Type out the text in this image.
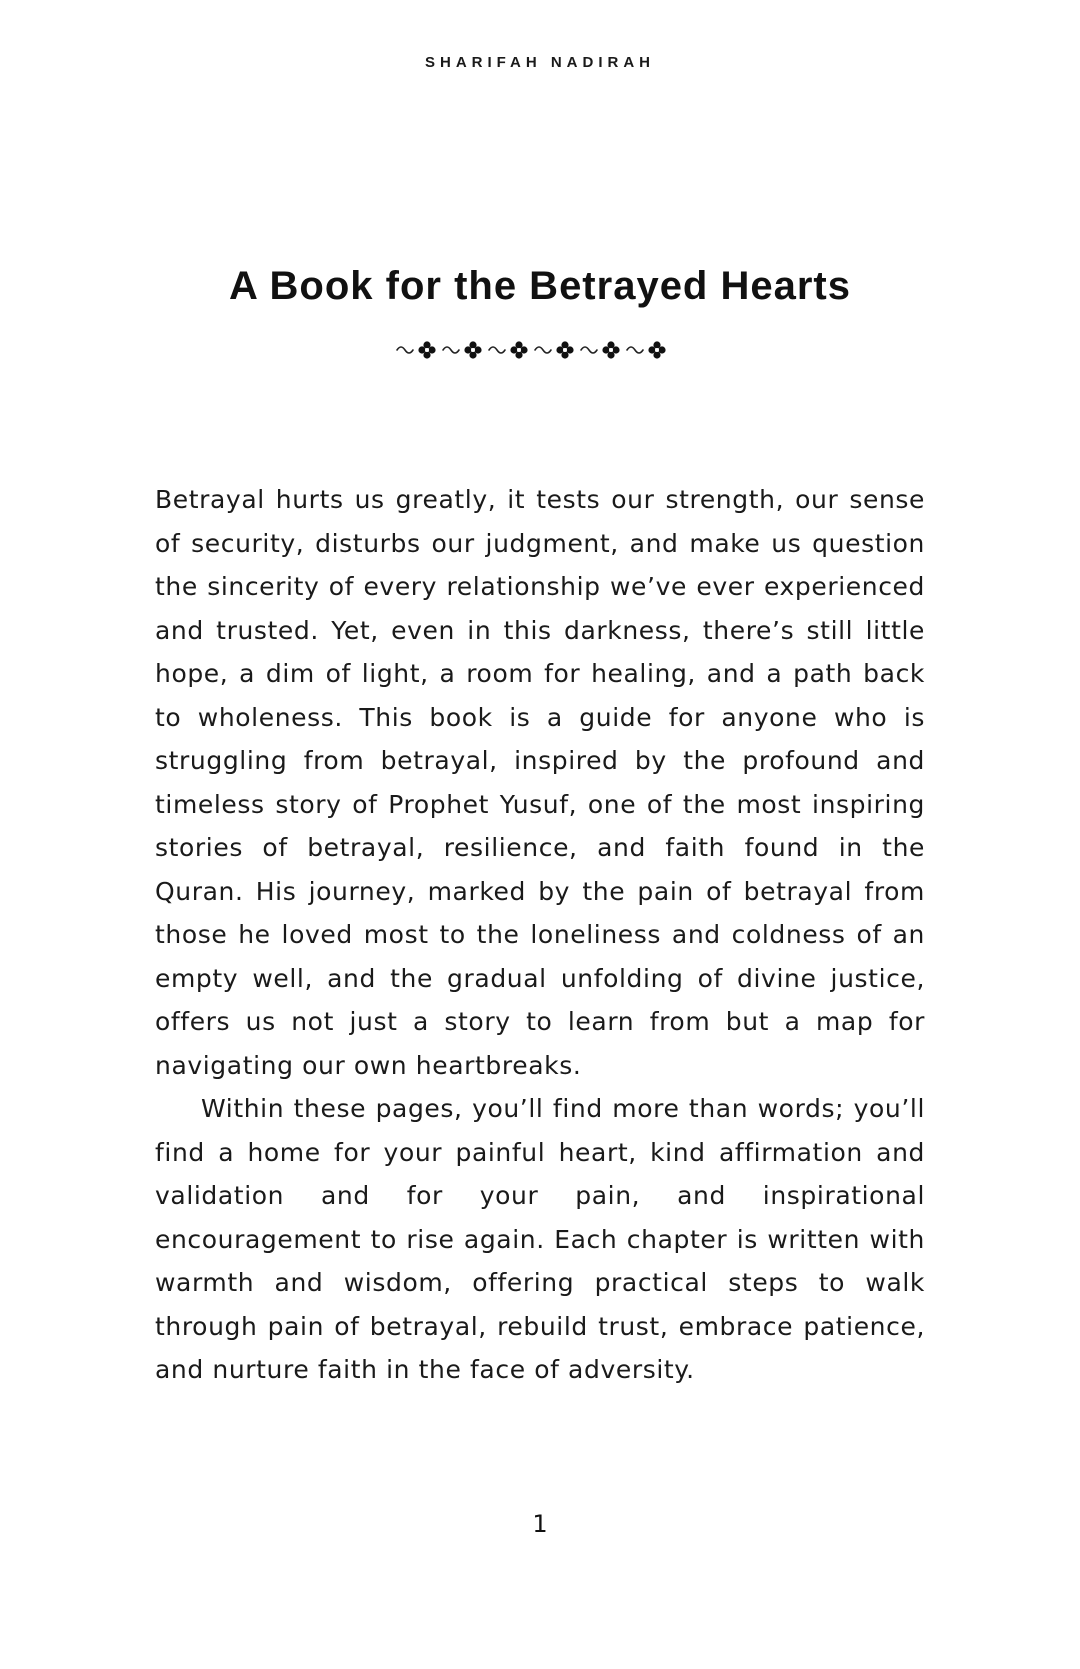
SHARIFAH NADIRAH
A Book for the Betrayed Hearts

Betrayal hurts us greatly, it tests our strength, our sense of security, disturbs our judgment, and make us question the sincerity of every relationship we’ve ever experienced and trusted. Yet, even in this darkness, there’s still little hope, a dim of light, a room for healing, and a path back to wholeness. This book is a guide for anyone who is struggling from betrayal, inspired by the profound and timeless story of Prophet Yusuf, one of the most inspiring stories of betrayal, resilience, and faith found in the Quran. His journey, marked by the pain of betrayal from those he loved most to the loneliness and coldness of an empty well, and the gradual unfolding of divine justice, offers us not just a story to learn from but a map for navigating our own heartbreaks.

Within these pages, you’ll find more than words; you’ll find a home for your painful heart, kind affirmation and validation and for your pain, and inspirational encouragement to rise again. Each chapter is written with warmth and wisdom, offering practical steps to walk through pain of betrayal, rebuild trust, embrace patience, and nurture faith in the face of adversity.

1
